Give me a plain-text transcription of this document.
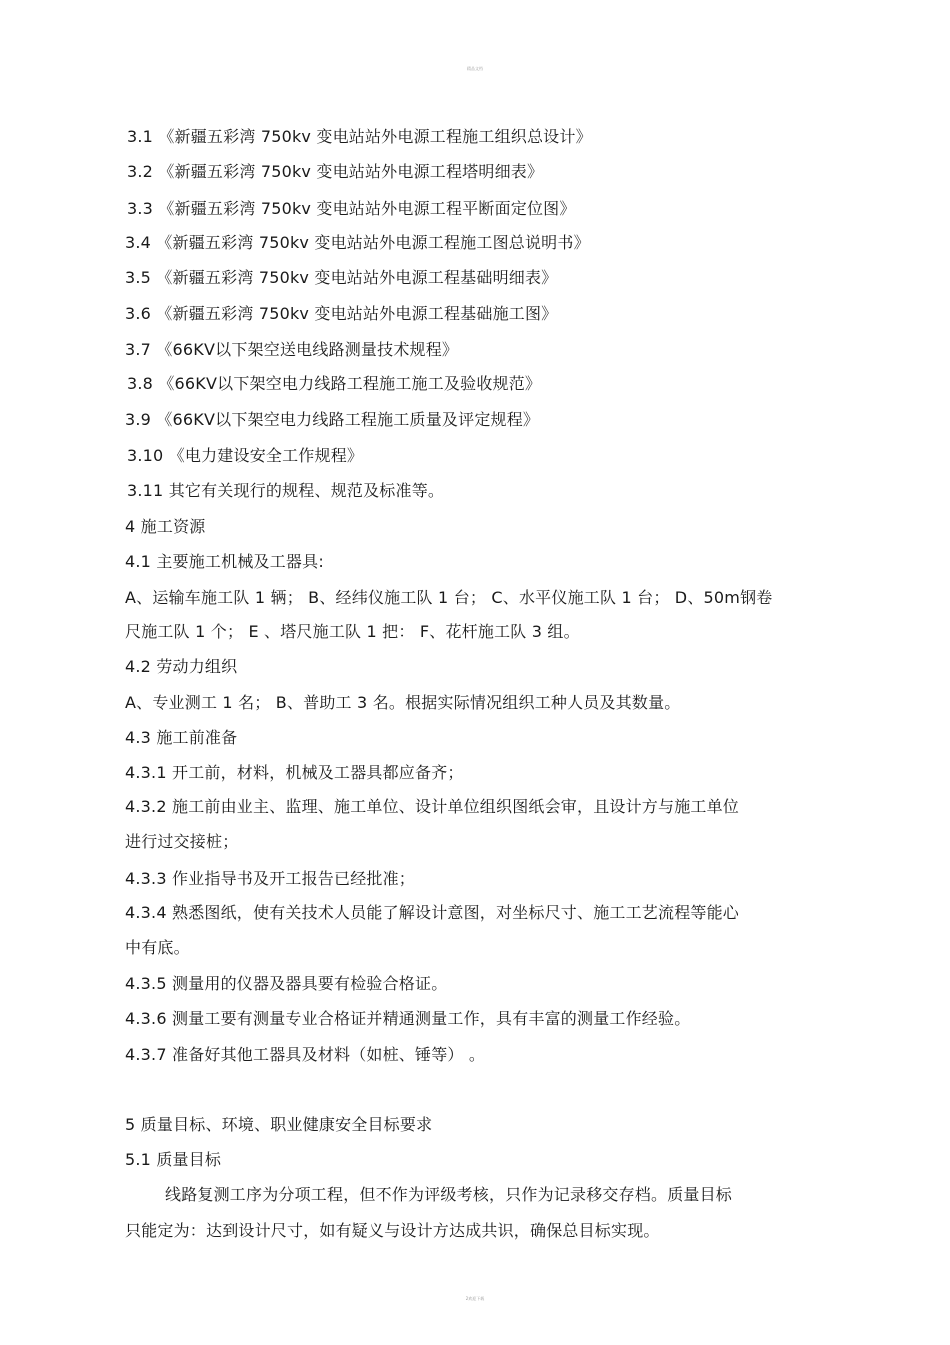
精品文档
3.1 《新疆五彩湾 750kv 变电站站外电源工程施工组织总设计》
3.2 《新疆五彩湾 750kv 变电站站外电源工程塔明细表》
3.3 《新疆五彩湾 750kv 变电站站外电源工程平断面定位图》
3.4 《新疆五彩湾 750kv 变电站站外电源工程施工图总说明书》
3.5 《新疆五彩湾 750kv 变电站站外电源工程基础明细表》
3.6 《新疆五彩湾 750kv 变电站站外电源工程基础施工图》
3.7 《66KV以下架空送电线路测量技术规程》
3.8 《66KV以下架空电力线路工程施工施工及验收规范》
3.9 《66KV以下架空电力线路工程施工质量及评定规程》
3.10 《电力建设安全工作规程》
3.11 其它有关现行的规程、规范及标准等。
4 施工资源
4.1 主要施工机械及工器具:
A、运输车施工队 1 辆； B、经纬仪施工队 1 台； C、水平仪施工队 1 台； D、50m钢卷
尺施工队 1 个； E 、塔尺施工队 1 把： F、花杆施工队 3 组。
4.2 劳动力组织
A、专业测工 1 名； B、普助工 3 名。根据实际情况组织工种人员及其数量。
4.3 施工前准备
4.3.1 开工前，材料，机械及工器具都应备齐；
4.3.2 施工前由业主、监理、施工单位、设计单位组织图纸会审，且设计方与施工单位
进行过交接桩；
4.3.3 作业指导书及开工报告已经批准；
4.3.4 熟悉图纸，使有关技术人员能了解设计意图，对坐标尺寸、施工工艺流程等能心
中有底。
4.3.5 测量用的仪器及器具要有检验合格证。
4.3.6 测量工要有测量专业合格证并精通测量工作，具有丰富的测量工作经验。
4.3.7 准备好其他工器具及材料（如桩、锤等） 。
5 质量目标、环境、职业健康安全目标要求
5.1 质量目标
线路复测工序为分项工程，但不作为评级考核，只作为记录移交存档。质量目标
只能定为：达到设计尺寸，如有疑义与设计方达成共识，确保总目标实现。
2欢迎下载
